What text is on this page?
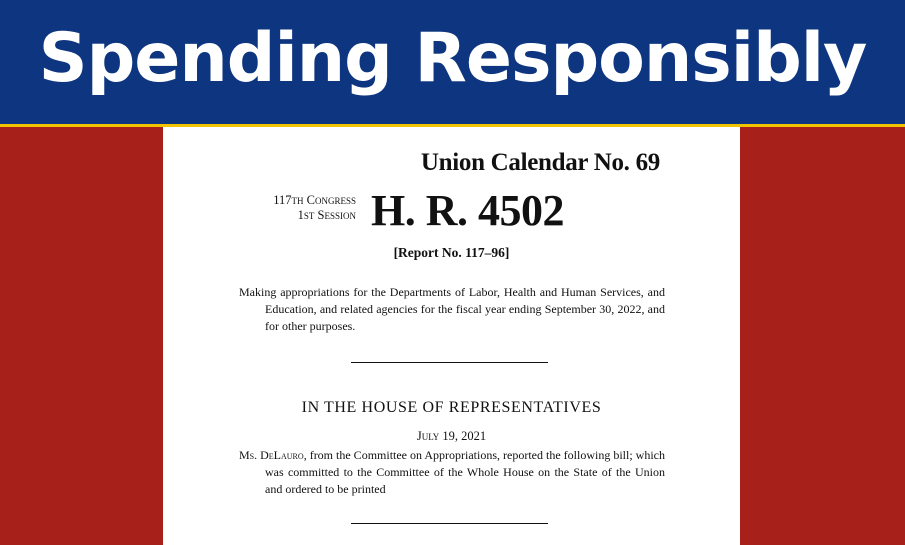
Spending Responsibly
Union Calendar No. 69
117th Congress
1st Session H. R. 4502
[Report No. 117–96]

Making appropriations for the Departments of Labor, Health and Human Services, and Education, and related agencies for the fiscal year ending September 30, 2022, and for other purposes.

IN THE HOUSE OF REPRESENTATIVES
July 19, 2021

Ms. DeLauro, from the Committee on Appropriations, reported the following bill; which was committed to the Committee of the Whole House on the State of the Union and ordered to be printed
